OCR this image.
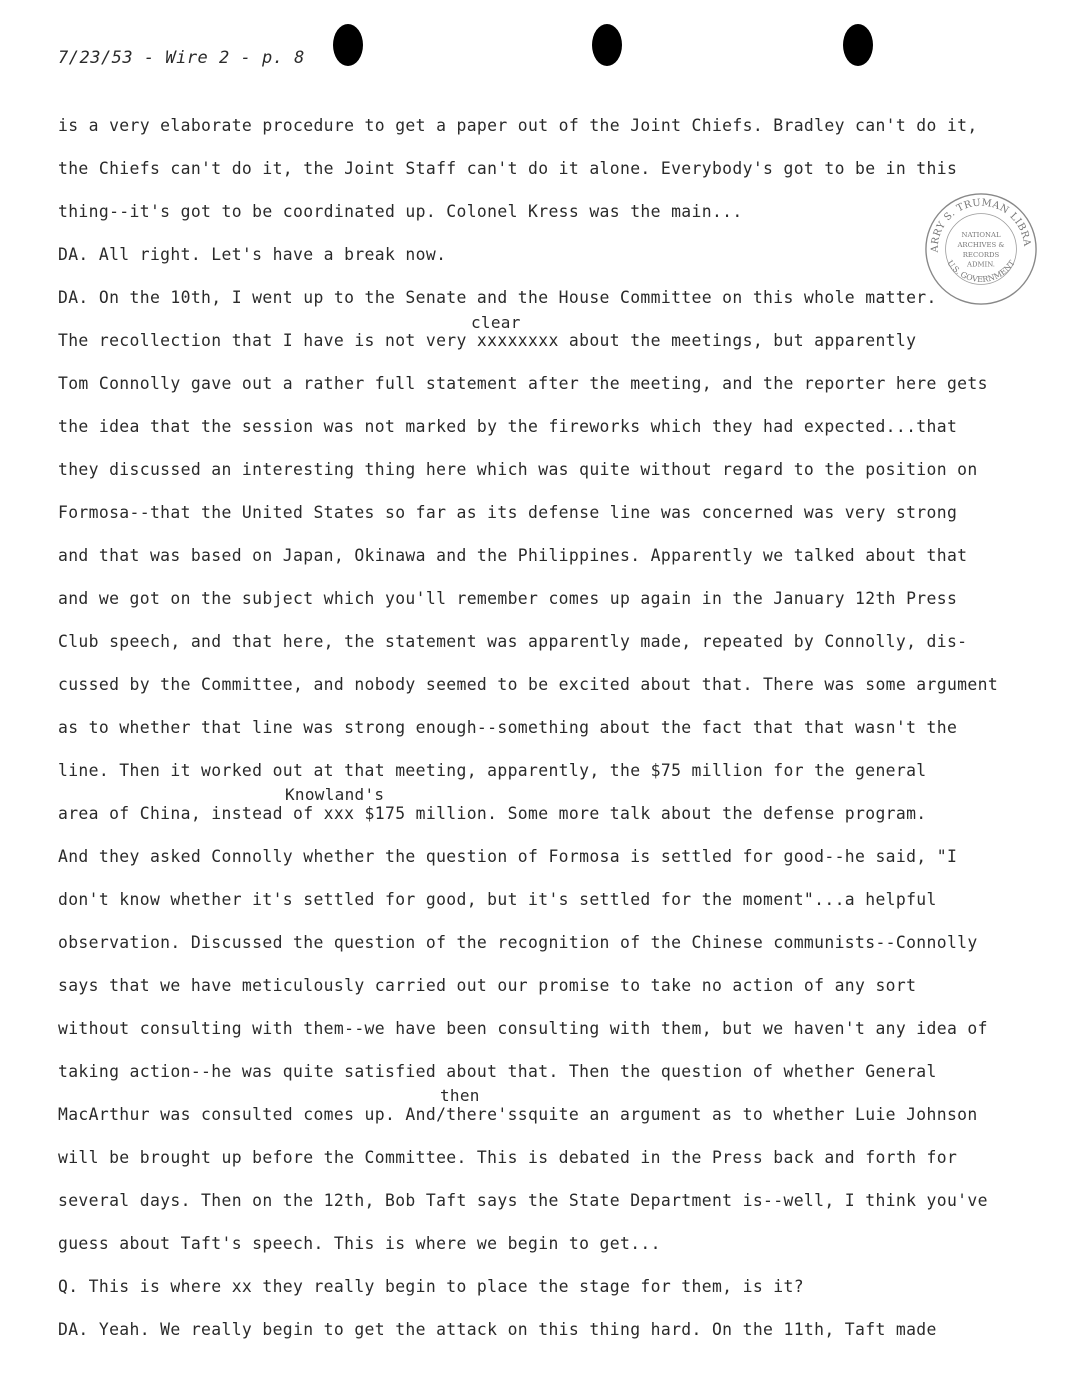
7/23/53 - Wire 2 - p. 8
clear
Knowland's
then
is a very elaborate procedure to get a paper out of the Joint Chiefs. Bradley can't do it,
the Chiefs can't do it, the Joint Staff can't do it alone. Everybody's got to be in this
thing--it's got to be coordinated up. Colonel Kress was the main...
DA. All right. Let's have a break now.
DA. On the 10th, I went up to the Senate and the House Committee on this whole matter.
The recollection that I have is not very xxxxxxxx about the meetings, but apparently
Tom Connolly gave out a rather full statement after the meeting, and the reporter here gets
the idea that the session was not marked by the fireworks which they had expected...that
they discussed an interesting thing here which was quite without regard to the position on
Formosa--that the United States so far as its defense line was concerned was very strong
and that was based on Japan, Okinawa and the Philippines. Apparently we talked about that
and we got on the subject which you'll remember comes up again in the January 12th Press
Club speech, and that here, the statement was apparently made, repeated by Connolly, dis-
cussed by the Committee, and nobody seemed to be excited about that. There was some argument
as to whether that line was strong enough--something about the fact that that wasn't the
line. Then it worked out at that meeting, apparently, the $75 million for the general
area of China, instead of xxx $175 million. Some more talk about the defense program.
And they asked Connolly whether the question of Formosa is settled for good--he said, "I
don't know whether it's settled for good, but it's settled for the moment"...a helpful
observation. Discussed the question of the recognition of the Chinese communists--Connolly
says that we have meticulously carried out our promise to take no action of any sort
without consulting with them--we have been consulting with them, but we haven't any idea of
taking action--he was quite satisfied about that. Then the question of whether General
MacArthur was consulted comes up. And/there'ssquite an argument as to whether Luie Johnson
will be brought up before the Committee. This is debated in the Press back and forth for
several days. Then on the 12th, Bob Taft says the State Department is--well, I think you've
guess about Taft's speech. This is where we begin to get...
Q. This is where xx they really begin to place the stage for them, is it?
DA. Yeah. We really begin to get the attack on this thing hard. On the 11th, Taft made
ARRY S. TRUMAN LIBRA
U.S. GOVERNMENT
NATIONAL
ARCHIVES &
RECORDS
ADMIN.
